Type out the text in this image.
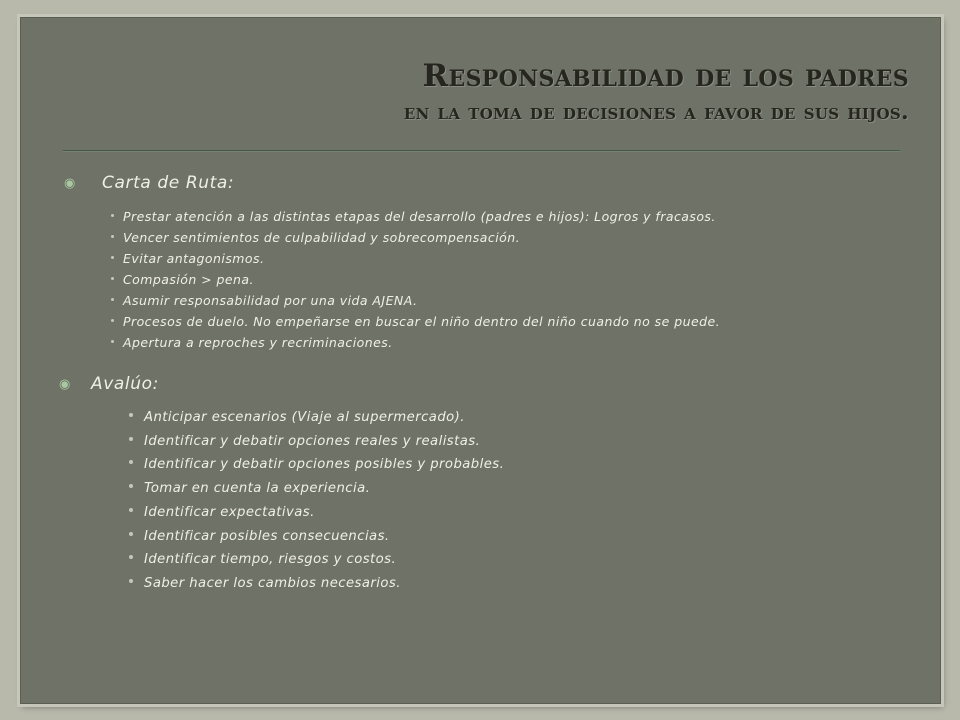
Responsabilidad de los padres
en la toma de decisiones a favor de sus hijos.
◉ Carta de Ruta:
Prestar atención a las distintas etapas del desarrollo (padres e hijos): Logros y fracasos.
Vencer sentimientos de culpabilidad y sobrecompensación.
Evitar antagonismos.
Compasión > pena.
Asumir responsabilidad por una vida AJENA.
Procesos de duelo. No empeñarse en buscar el niño dentro del niño cuando no se puede.
Apertura a reproches y recriminaciones.
◉ Avalúo:
Anticipar escenarios (Viaje al supermercado).
Identificar y debatir opciones reales y realistas.
Identificar y debatir opciones posibles y probables.
Tomar en cuenta la experiencia.
Identificar expectativas.
Identificar posibles consecuencias.
Identificar tiempo, riesgos y costos.
Saber hacer los cambios necesarios.
